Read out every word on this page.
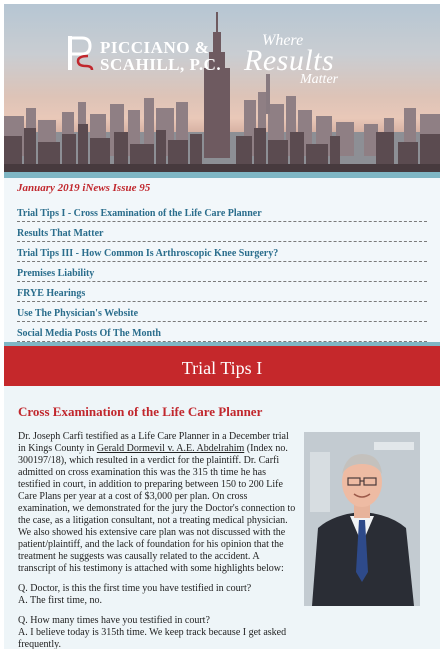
PICCIANO &
SCAHILL, P.C.
Where
Results
Matter
January 2019 iNews Issue 95
Trial Tips I - Cross Examination of the Life Care Planner
Results That Matter
Trial Tips III - How Common Is Arthroscopic Knee Surgery?
Premises Liability
FRYE Hearings
Use The Physician's Website
Social Media Posts Of The Month
Trial Tips I
Cross Examination of the Life Care Planner

Dr. Joseph Carfi testified as a Life Care Planner in a December trial in Kings County in Gerald Dormevil v. A.E. Abdelrahim (Index no. 300197/18), which resulted in a verdict for the plaintiff. Dr. Carfi admitted on cross examination this was the 315 th time he has testified in court, in addition to preparing between 150 to 200 Life Care Plans per year at a cost of $3,000 per plan. On cross examination, we demonstrated for the jury the Doctor's connection to the case, as a litigation consultant, not a treating medical physician. We also showed his extensive care plan was not discussed with the patient/plaintiff, and the lack of foundation for his opinion that the treatment he suggests was causally related to the accident. A transcript of his testimony is attached with some highlights below:

Q. Doctor, is this the first time you have testified in court?
A. The first time, no.

Q. How many times have you testified in court?
A. I believe today is 315th time. We keep track because I get asked frequently.
